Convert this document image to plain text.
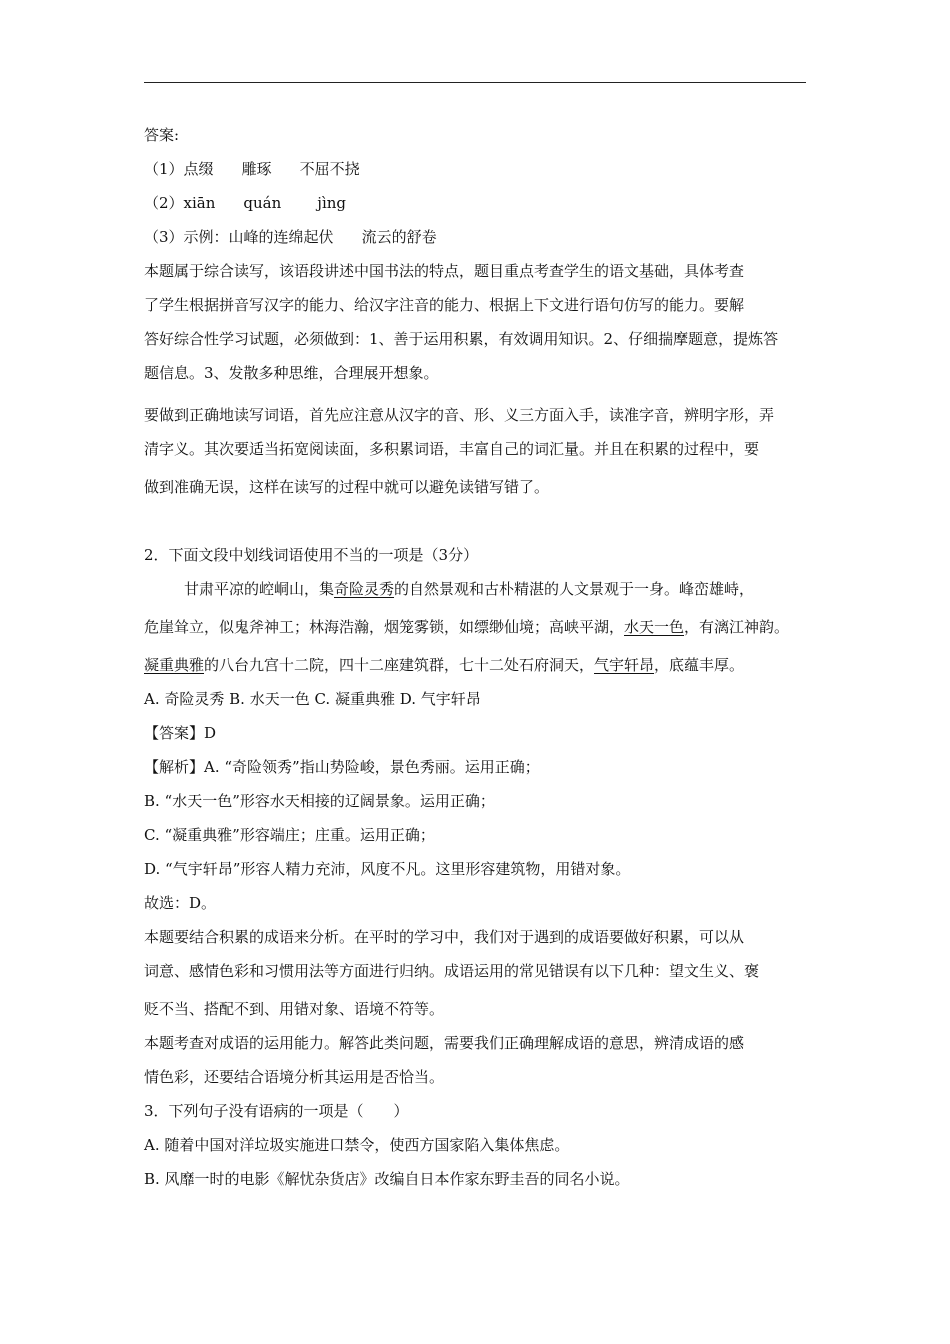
答案:
（1）点缀 雕琢 不屈不挠
（2）xiān quán jìng
（3）示例：山峰的连绵起伏 流云的舒卷
本题属于综合读写，该语段讲述中国书法的特点，题目重点考查学生的语文基础，具体考查
了学生根据拼音写汉字的能力、给汉字注音的能力、根据上下文进行语句仿写的能力。要解
答好综合性学习试题，必须做到：1、善于运用积累，有效调用知识。2、仔细揣摩题意，提炼答
题信息。3、发散多种思维，合理展开想象。
要做到正确地读写词语，首先应注意从汉字的音、形、义三方面入手，读准字音，辨明字形，弄
清字义。其次要适当拓宽阅读面，多积累词语，丰富自己的词汇量。并且在积累的过程中，要
做到准确无误，这样在读写的过程中就可以避免读错写错了。
2．下面文段中划线词语使用不当的一项是（3分）
甘肃平凉的崆峒山，集奇险灵秀的自然景观和古朴精湛的人文景观于一身。峰峦雄峙，
危崖耸立，似鬼斧神工；林海浩瀚，烟笼雾锁，如缥缈仙境；高峡平湖，水天一色，有漓江神韵。
凝重典雅的八台九宫十二院，四十二座建筑群，七十二处石府洞天，气宇轩昂，底蕴丰厚。
A. 奇险灵秀 B. 水天一色 C. 凝重典雅 D. 气宇轩昂
【答案】D
【解析】A. “奇险领秀”指山势险峻，景色秀丽。运用正确；
B. “水天一色”形容水天相接的辽阔景象。运用正确；
C. “凝重典雅”形容端庄；庄重。运用正确；
D. “气宇轩昂”形容人精力充沛，风度不凡。这里形容建筑物，用错对象。
故选：D。
本题要结合积累的成语来分析。在平时的学习中，我们对于遇到的成语要做好积累，可以从
词意、感情色彩和习惯用法等方面进行归纳。成语运用的常见错误有以下几种：望文生义、褒
贬不当、搭配不到、用错对象、语境不符等。
本题考查对成语的运用能力。解答此类问题，需要我们正确理解成语的意思，辨清成语的感
情色彩，还要结合语境分析其运用是否恰当。
3．下列句子没有语病的一项是（　　）
A. 随着中国对洋垃圾实施进口禁令，使西方国家陷入集体焦虑。
B. 风靡一时的电影《解忧杂货店》改编自日本作家东野圭吾的同名小说。
